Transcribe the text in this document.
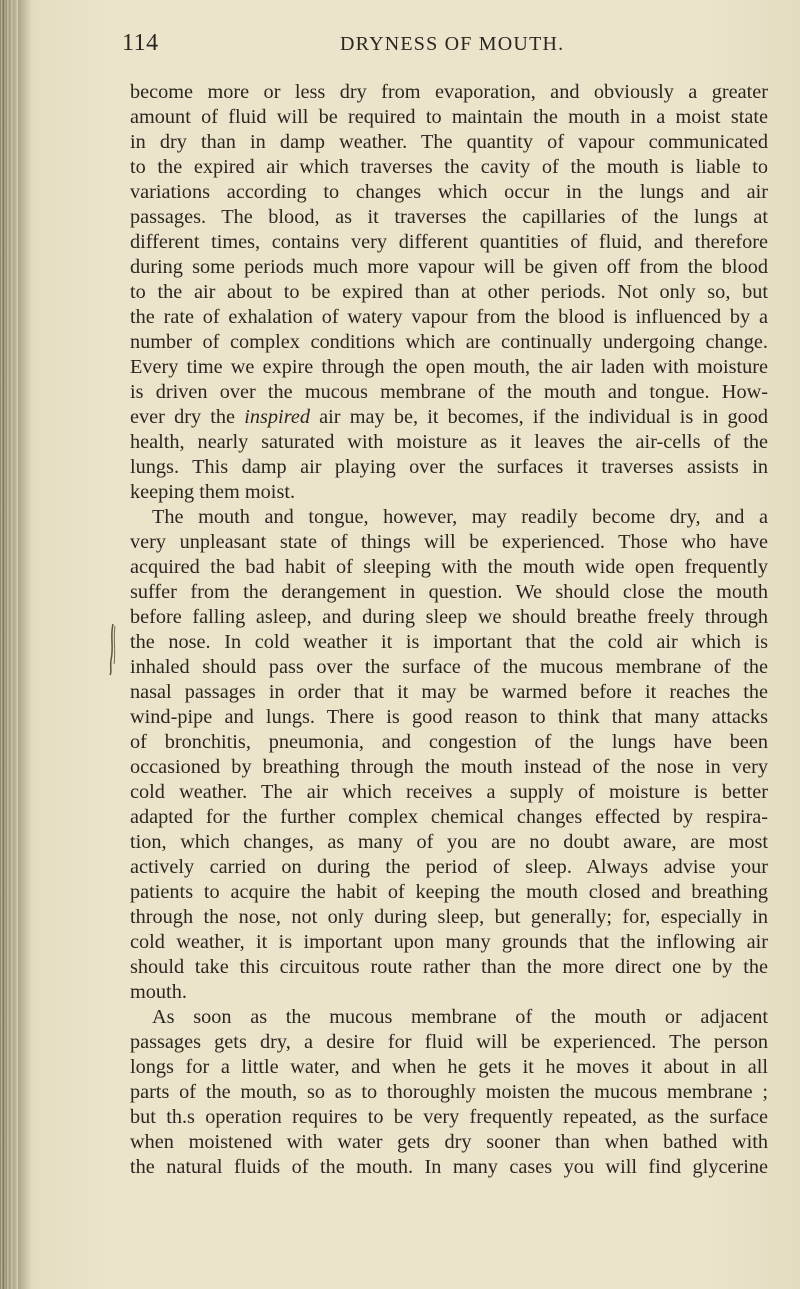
114	DRYNESS OF MOUTH.
become more or less dry from evaporation, and obviously a greater
amount of fluid will be required to maintain the mouth in a moist state
in dry than in damp weather. The quantity of vapour communicated
to the expired air which traverses the cavity of the mouth is liable to
variations according to changes which occur in the lungs and air
passages. The blood, as it traverses the capillaries of the lungs at
different times, contains very different quantities of fluid, and therefore
during some periods much more vapour will be given off from the blood
to the air about to be expired than at other periods. Not only so, but
the rate of exhalation of watery vapour from the blood is influenced by a
number of complex conditions which are continually undergoing change.
Every time we expire through the open mouth, the air laden with moisture
is driven over the mucous membrane of the mouth and tongue. How-
ever dry the inspired air may be, it becomes, if the individual is in good
health, nearly saturated with moisture as it leaves the air-cells of the
lungs. This damp air playing over the surfaces it traverses assists in
keeping them moist.
The mouth and tongue, however, may readily become dry, and a
very unpleasant state of things will be experienced. Those who have
acquired the bad habit of sleeping with the mouth wide open frequently
suffer from the derangement in question. We should close the mouth
before falling asleep, and during sleep we should breathe freely through
the nose. In cold weather it is important that the cold air which is
inhaled should pass over the surface of the mucous membrane of the
nasal passages in order that it may be warmed before it reaches the
wind-pipe and lungs. There is good reason to think that many attacks
of bronchitis, pneumonia, and congestion of the lungs have been
occasioned by breathing through the mouth instead of the nose in very
cold weather. The air which receives a supply of moisture is better
adapted for the further complex chemical changes effected by respira-
tion, which changes, as many of you are no doubt aware, are most
actively carried on during the period of sleep. Always advise your
patients to acquire the habit of keeping the mouth closed and breathing
through the nose, not only during sleep, but generally; for, especially in
cold weather, it is important upon many grounds that the inflowing air
should take this circuitous route rather than the more direct one by the
mouth.
As soon as the mucous membrane of the mouth or adjacent
passages gets dry, a desire for fluid will be experienced. The person
longs for a little water, and when he gets it he moves it about in all
parts of the mouth, so as to thoroughly moisten the mucous membrane ;
but th.s operation requires to be very frequently repeated, as the surface
when moistened with water gets dry sooner than when bathed with
the natural fluids of the mouth. In many cases you will find glycerine
